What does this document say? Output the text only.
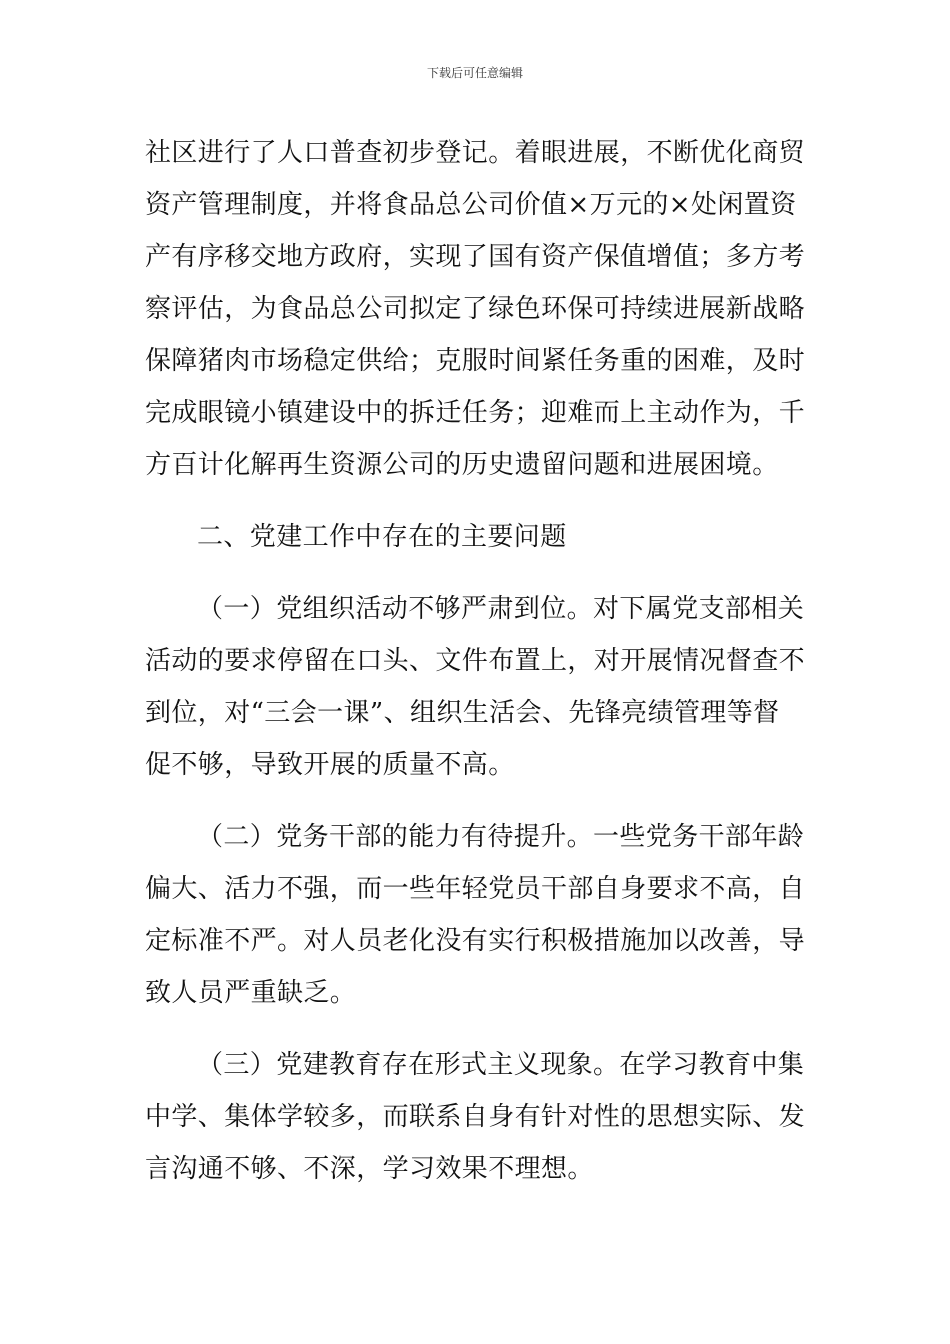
下载后可任意编辑
社区进行了人口普查初步登记。着眼进展，不断优化商贸
资产管理制度，并将食品总公司价值×万元的×处闲置资
产有序移交地方政府，实现了国有资产保值增值；多方考
察评估，为食品总公司拟定了绿色环保可持续进展新战略
保障猪肉市场稳定供给；克服时间紧任务重的困难，及时
完成眼镜小镇建设中的拆迁任务；迎难而上主动作为，千
方百计化解再生资源公司的历史遗留问题和进展困境。
二、党建工作中存在的主要问题
（一）党组织活动不够严肃到位。对下属党支部相关
活动的要求停留在口头、文件布置上，对开展情况督查不
到位，对“三会一课”、组织生活会、先锋亮绩管理等督
促不够，导致开展的质量不高。
（二）党务干部的能力有待提升。一些党务干部年龄
偏大、活力不强，而一些年轻党员干部自身要求不高，自
定标准不严。对人员老化没有实行积极措施加以改善，导
致人员严重缺乏。
（三）党建教育存在形式主义现象。在学习教育中集
中学、集体学较多，而联系自身有针对性的思想实际、发
言沟通不够、不深，学习效果不理想。
